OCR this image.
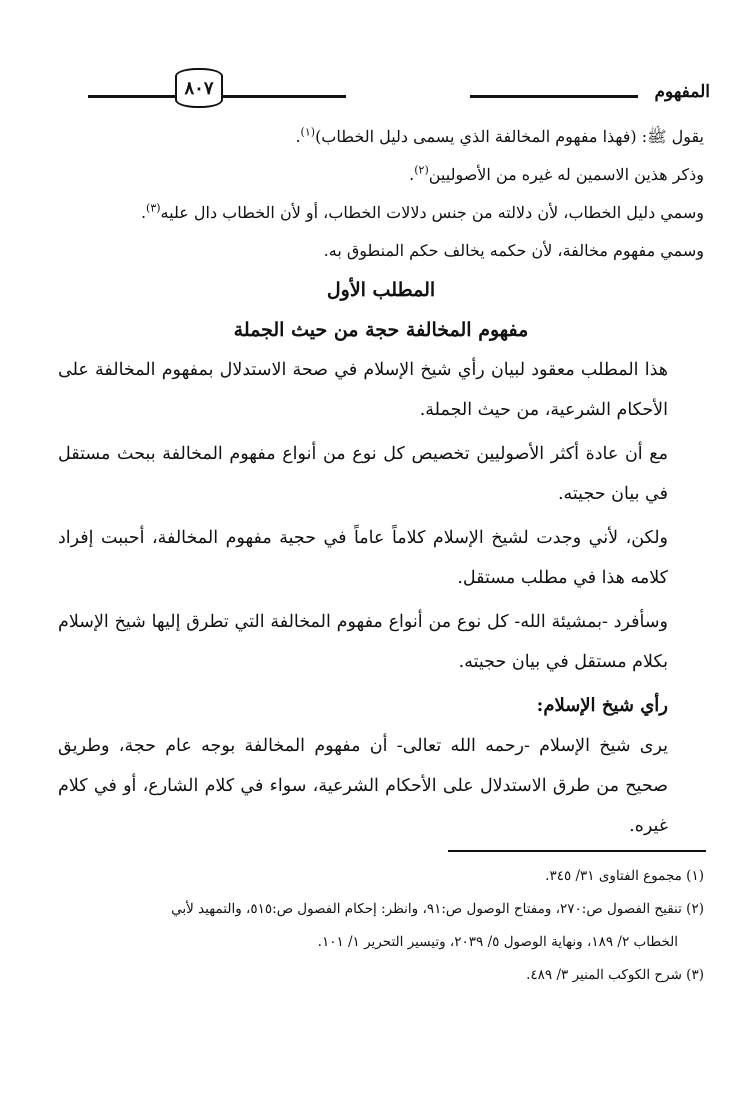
المفهوم
٨٠٧

يقول ﷺ: (فهذا مفهوم المخالفة الذي يسمى دليل الخطاب)$^{(١)}$.

وذكر هذين الاسمين له غيره من الأصوليين$^{(٢)}$.

وسمي دليل الخطاب، لأن دلالته من جنس دلالات الخطاب، أو لأن الخطاب دال عليه$^{(٣)}$.

وسمي مفهوم مخالفة، لأن حكمه يخالف حكم المنطوق به.

المطلب الأول

مفهوم المخالفة حجة من حيث الجملة

هذا المطلب معقود لبيان رأي شيخ الإسلام في صحة الاستدلال بمفهوم المخالفة على الأحكام الشرعية، من حيث الجملة.

مع أن عادة أكثر الأصوليين تخصيص كل نوع من أنواع مفهوم المخالفة ببحث مستقل في بيان حجيته.

ولكن، لأني وجدت لشيخ الإسلام كلاماً عاماً في حجية مفهوم المخالفة، أحببت إفراد كلامه هذا في مطلب مستقل.

وسأفرد -بمشيئة الله- كل نوع من أنواع مفهوم المخالفة التي تطرق إليها شيخ الإسلام بكلام مستقل في بيان حجيته.

رأي شيخ الإسلام:

يرى شيخ الإسلام -رحمه الله تعالى- أن مفهوم المخالفة بوجه عام حجة، وطريق صحيح من طرق الاستدلال على الأحكام الشرعية، سواء في كلام الشارع، أو في كلام غيره.

(١) مجموع الفتاوى ٣١/ ٣٤٥.

(٢) تنقيح الفصول ص:٢٧٠، ومفتاح الوصول ص:٩١، وانظر: إحكام الفصول ص:٥١٥، والتمهيد لأبي

الخطاب ٢/ ١٨٩، ونهاية الوصول ٥/ ٢٠٣٩، وتيسير التحرير ١/ ١٠١.

(٣) شرح الكوكب المنير ٣/ ٤٨٩.
